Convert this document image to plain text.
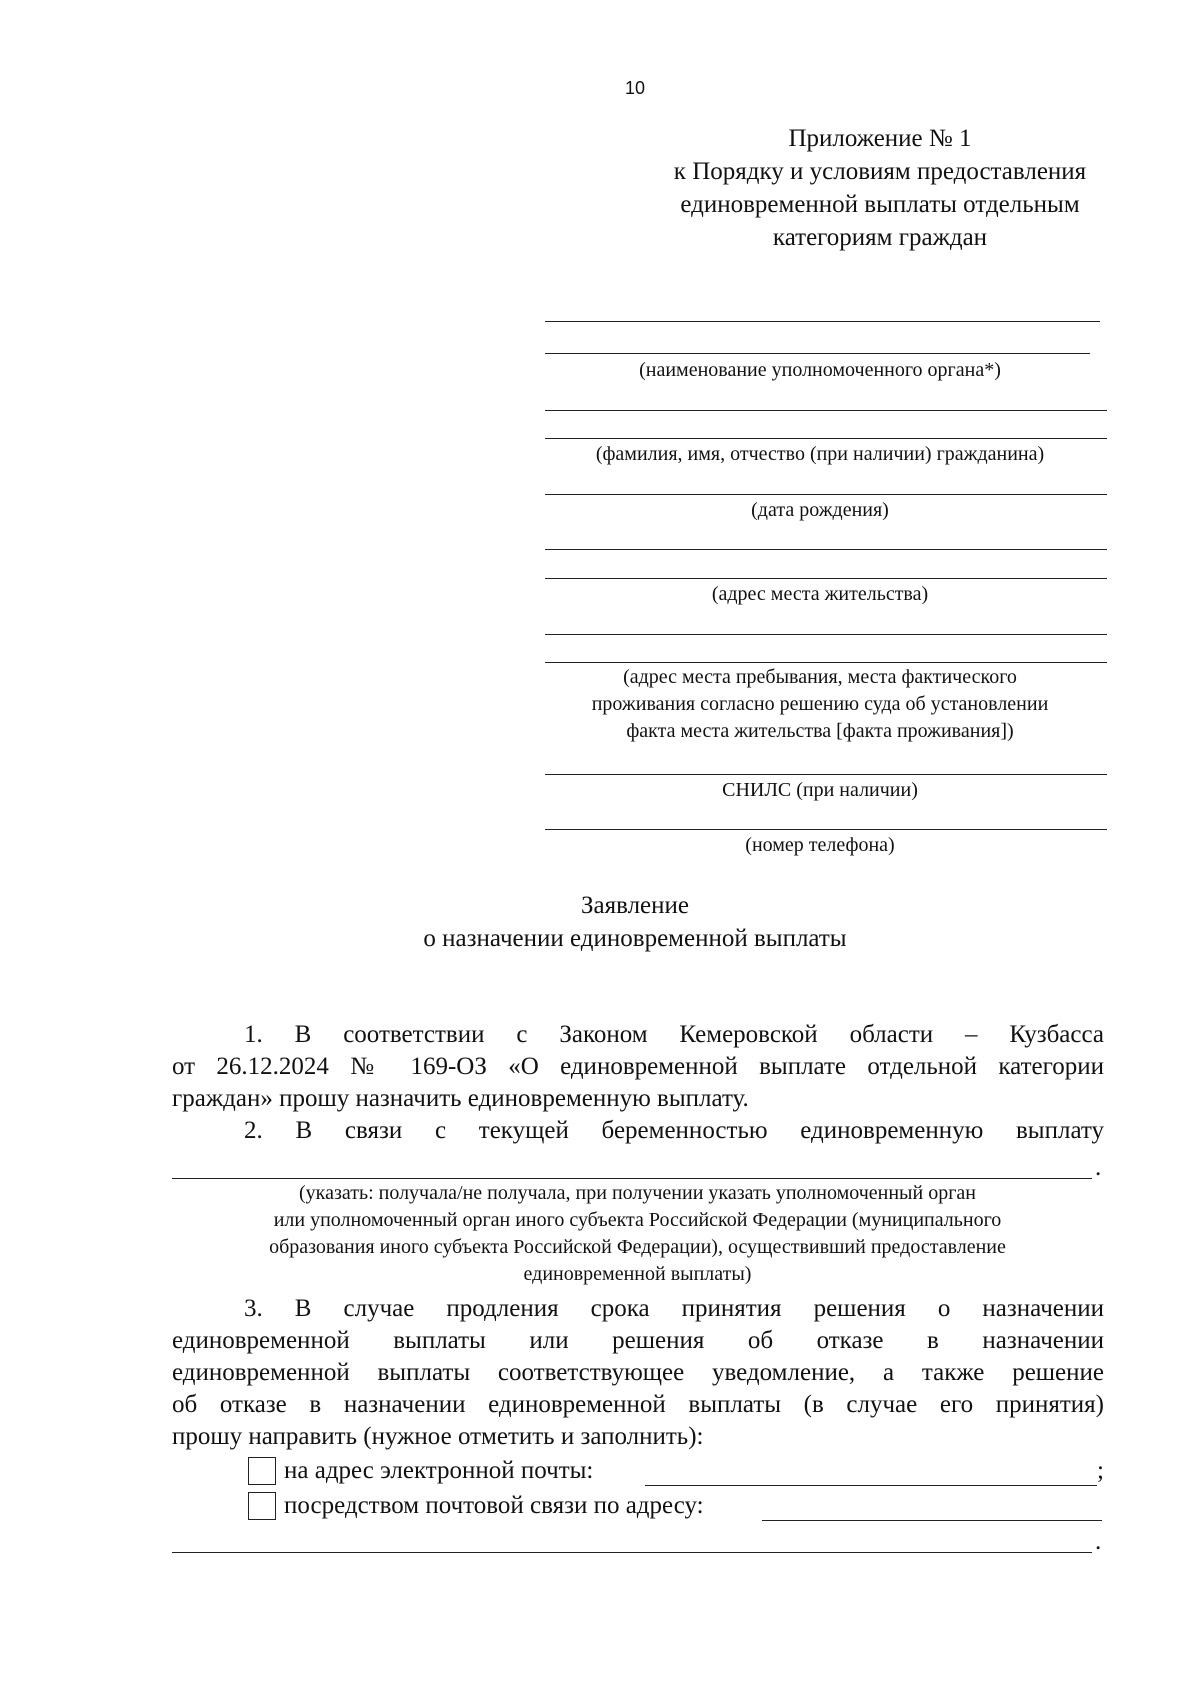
10
Приложение № 1
к Порядку и условиям предоставления
единовременной выплаты отдельным
категориям граждан
(наименование уполномоченного органа*)
(фамилия, имя, отчество (при наличии) гражданина)
(дата рождения)
(адрес места жительства)
(адрес места пребывания, места фактического
проживания согласно решению суда об установлении
факта места жительства [факта проживания])
СНИЛС (при наличии)
(номер телефона)
Заявление
о назначении единовременной выплаты
1. В соответствии с Законом Кемеровской области – Кузбасса
от 26.12.2024 № 169-ОЗ «О единовременной выплате отдельной категории
граждан» прошу назначить единовременную выплату.
2. В связи с текущей беременностью единовременную выплату
.
(указать: получала/не получала, при получении указать уполномоченный орган
или уполномоченный орган иного субъекта Российской Федерации (муниципального
образования иного субъекта Российской Федерации), осуществивший предоставление
единовременной выплаты)
3. В случае продления срока принятия решения о назначении
единовременной выплаты или решения об отказе в назначении
единовременной выплаты соответствующее уведомление, а также решение
об отказе в назначении единовременной выплаты (в случае его принятия)
прошу направить (нужное отметить и заполнить):
на адрес электронной почты:	;
посредством почтовой связи по адресу:
.
